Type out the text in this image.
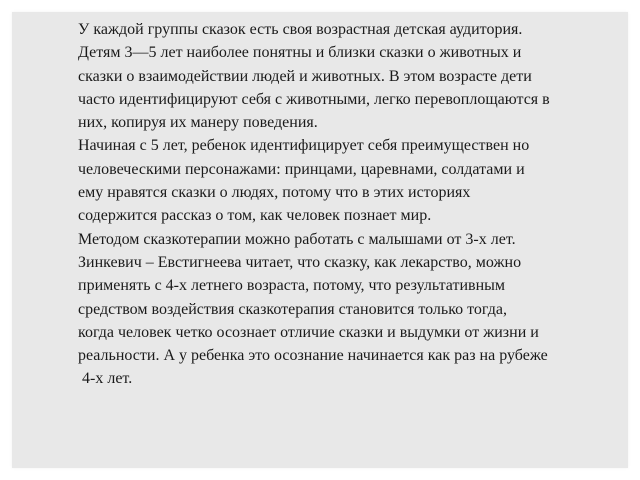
У каждой группы сказок есть своя возрастная детская аудитория.
Детям 3—5 лет наиболее понятны и близки сказки о животных и
сказки о взаимодействии людей и животных. В этом возрасте дети
часто идентифицируют себя с животными, легко перевоплощаются в
них, копируя их манеру поведения.
Начиная с 5 лет, ребенок идентифицирует себя преимуществен но
человеческими персонажами: принцами, царевнами, солдатами и
ему нравятся сказки о людях, потому что в этих историях
содержится рассказ о том, как человек познает мир.
Методом сказкотерапии можно работать с малышами от 3-х лет.
Зинкевич – Евстигнеева читает, что сказку, как лекарство, можно
применять с 4-х летнего возраста, потому, что результативным
средством воздействия сказкотерапия становится только тогда,
когда человек четко осознает отличие сказки и выдумки от жизни и
реальности. А у ребенка это осознание начинается как раз на рубеже
4-х лет.
